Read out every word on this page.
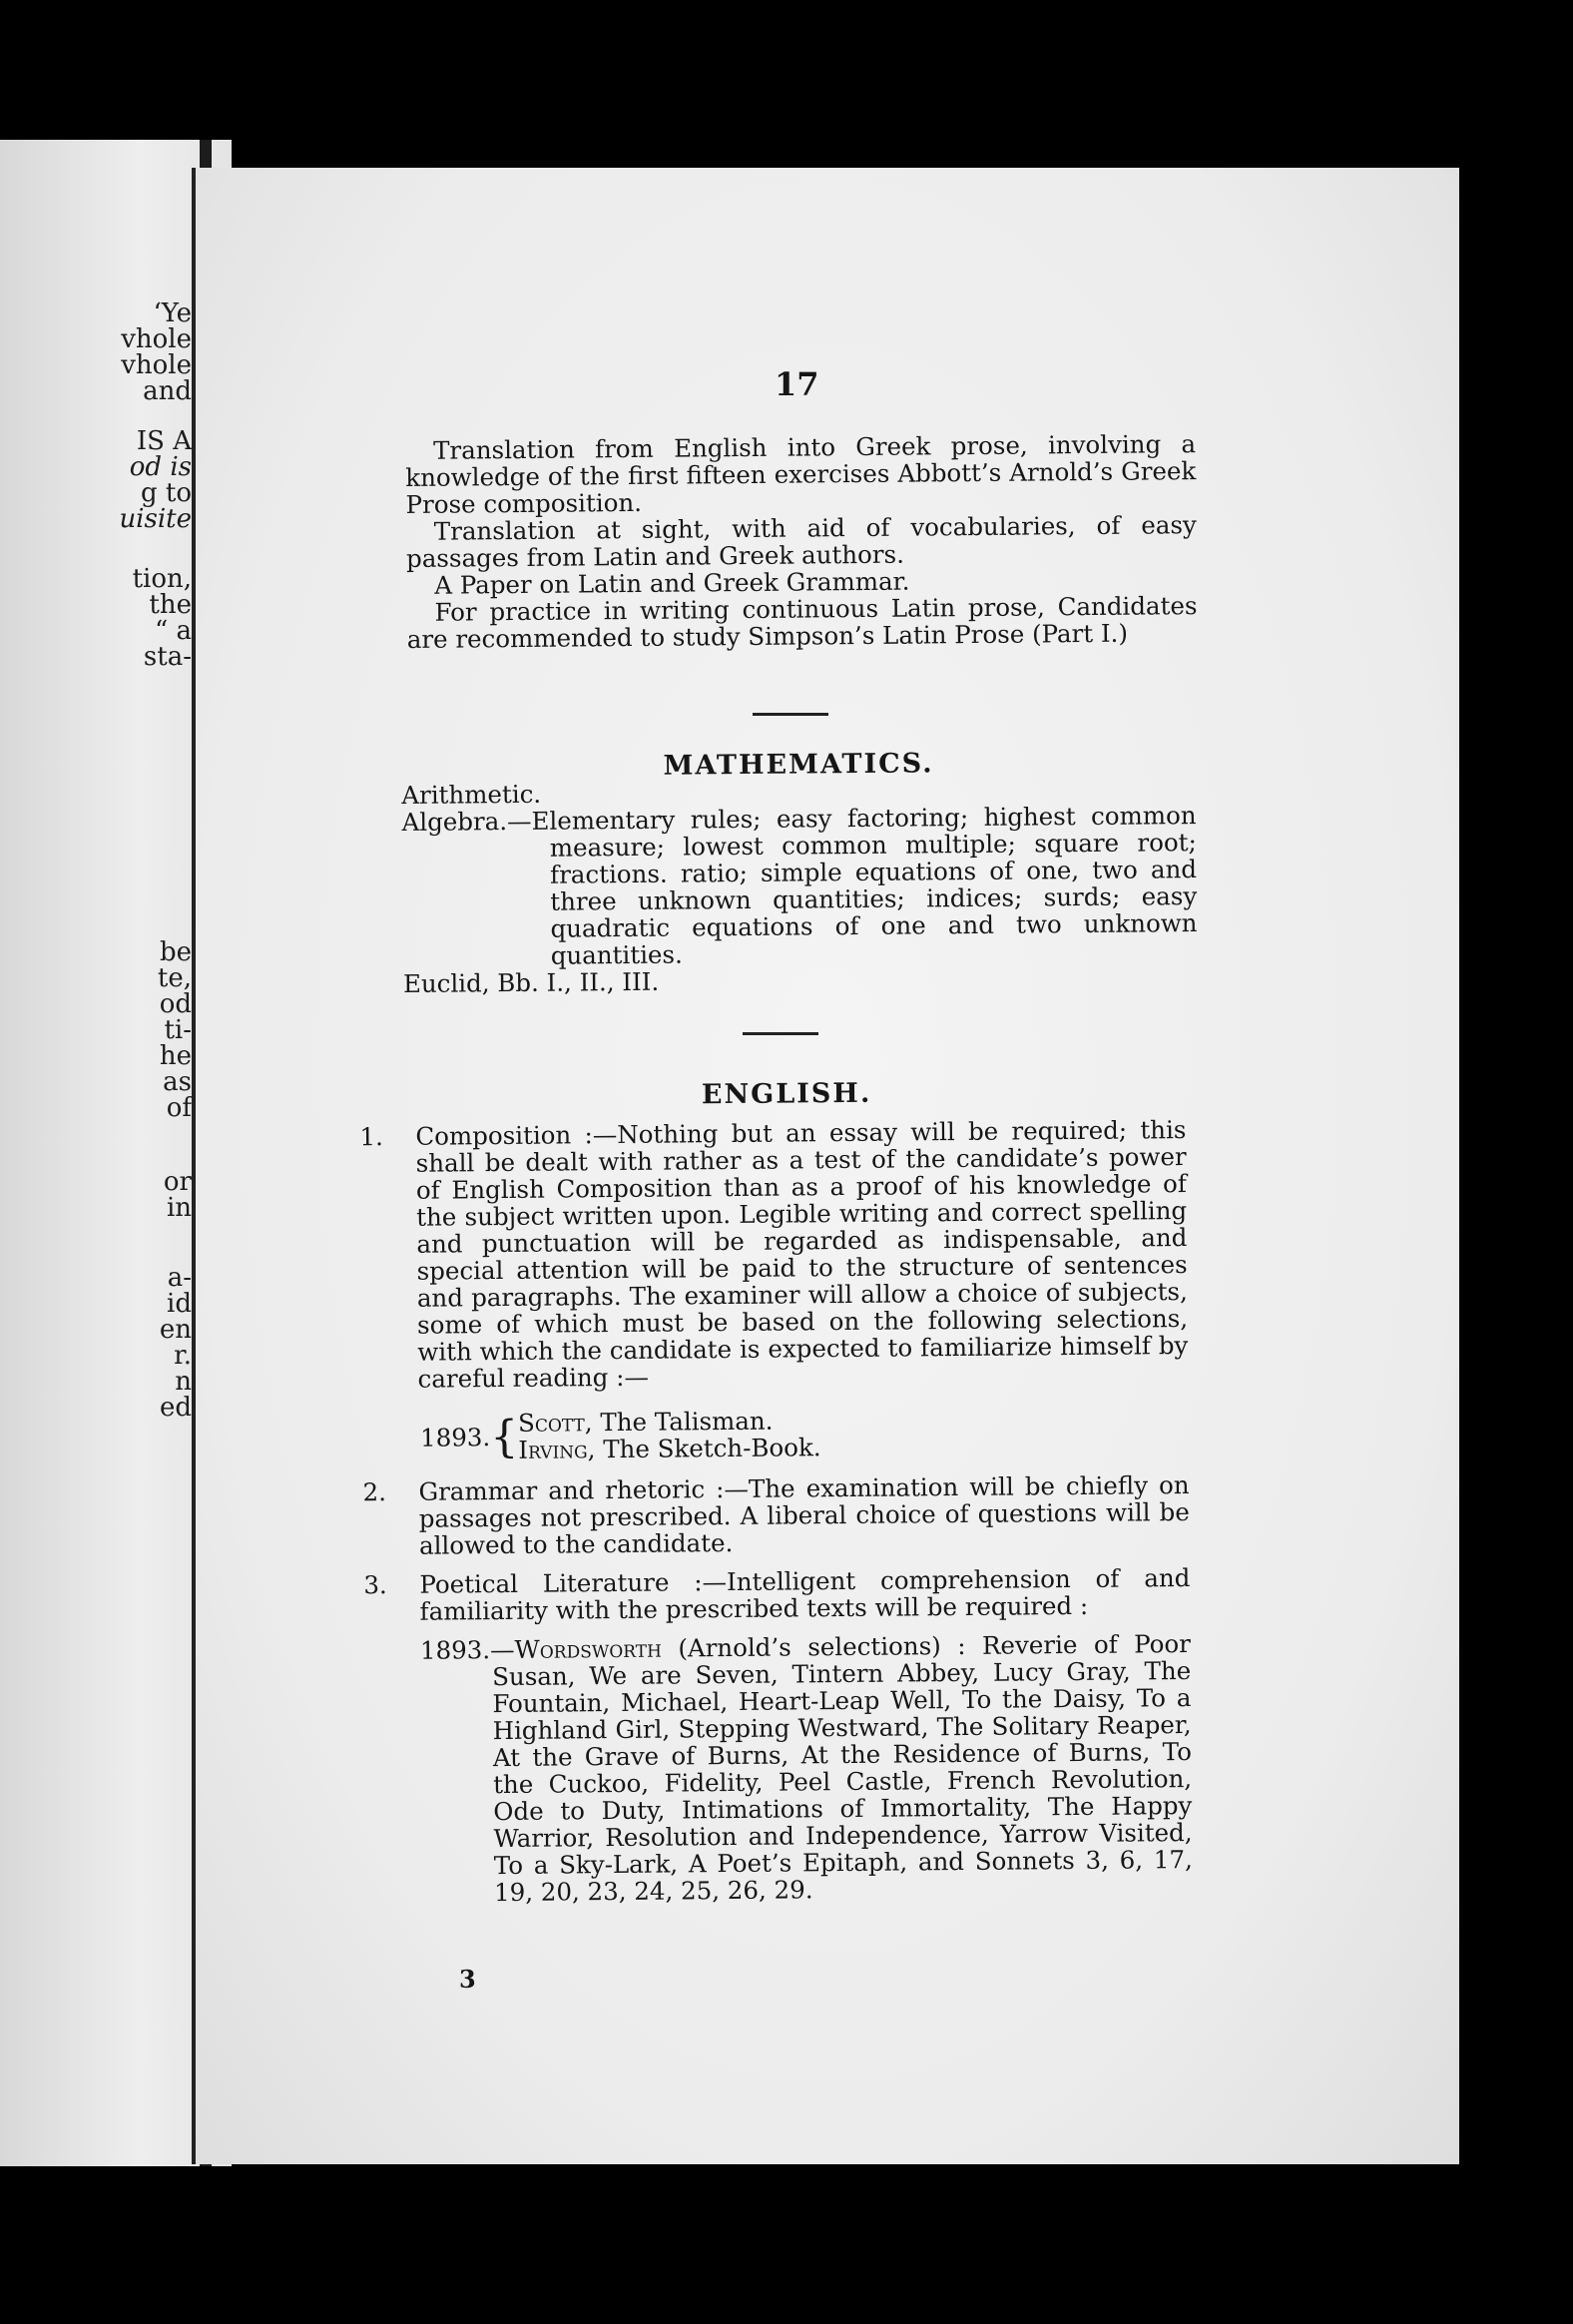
‘Ye
vhole
vhole
and
IS A
od is
g to
uisite
tion,
the
“ a
sta-
be
te,
od
ti-
he
as
of
or
in
a-
id
en
r.
n
ed
17
Translation from English into Greek prose, involving a knowledge of the first fifteen exercises Abbott’s Arnold’s Greek Prose composition.
Translation at sight, with aid of vocabularies, of easy passages from Latin and Greek authors.
A Paper on Latin and Greek Grammar.
For practice in writing continuous Latin prose, Candidates are recommended to study Simpson’s Latin Prose (Part I.)
MATHEMATICS.
Arithmetic.
Algebra.—Elementary rules; easy factoring; highest common measure; lowest common multiple; square root; fractions. ratio; simple equations of one, two and three unknown quantities; indices; surds; easy quadratic equations of one and two unknown quantities.
Euclid, Bb. I., II., III.
ENGLISH.
1. Composition :—Nothing but an essay will be required; this shall be dealt with rather as a test of the candidate’s power of English Composition than as a proof of his knowledge of the subject written upon. Legible writing and correct spelling and punctuation will be regarded as indispensable, and special attention will be paid to the structure of sentences and paragraphs. The examiner will allow a choice of subjects, some of which must be based on the following selections, with which the candidate is expected to familiarize himself by careful reading :—
1893. { Scott, The Talisman.
Irving, The Sketch-Book.
2. Grammar and rhetoric :—The examination will be chiefly on passages not prescribed. A liberal choice of questions will be allowed to the candidate.
3. Poetical Literature :—Intelligent comprehension of and familiarity with the prescribed texts will be required :
1893.—Wordsworth (Arnold’s selections) : Reverie of Poor Susan, We are Seven, Tintern Abbey, Lucy Gray, The Fountain, Michael, Heart-Leap Well, To the Daisy, To a Highland Girl, Stepping Westward, The Solitary Reaper, At the Grave of Burns, At the Residence of Burns, To the Cuckoo, Fidelity, Peel Castle, French Revolution, Ode to Duty, Intimations of Immortality, The Happy Warrior, Resolution and Independence, Yarrow Visited, To a Sky-Lark, A Poet’s Epitaph, and Sonnets 3, 6, 17, 19, 20, 23, 24, 25, 26, 29.
3
